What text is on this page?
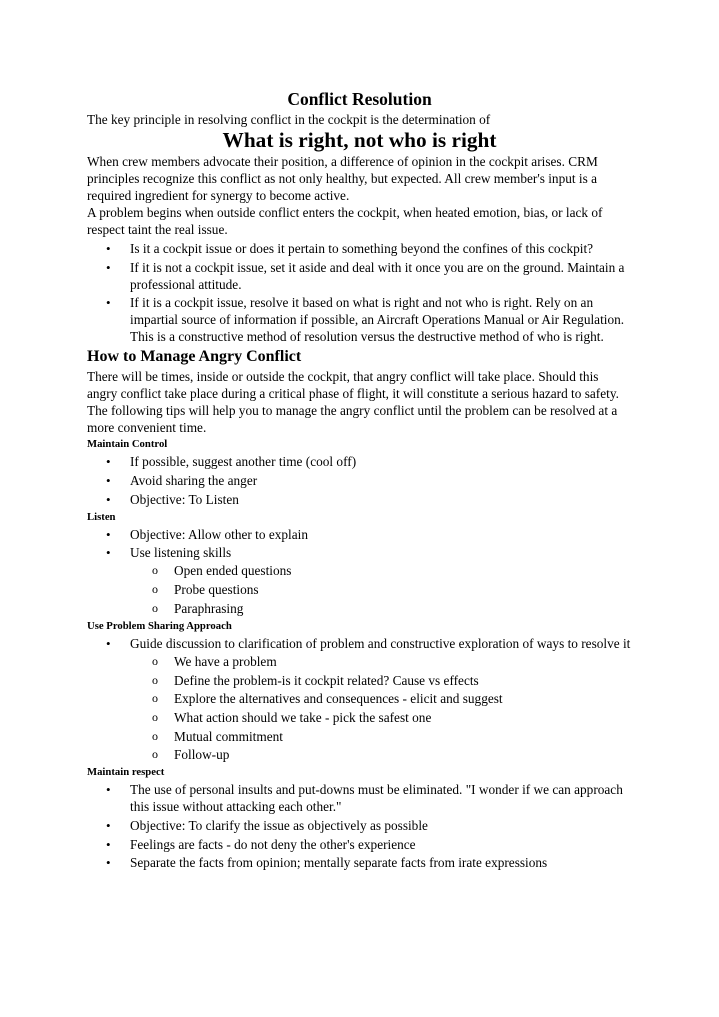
Conflict Resolution

The key principle in resolving conflict in the cockpit is the determination of

What is right, not who is right

When crew members advocate their position, a difference of opinion in the cockpit arises. CRM principles recognize this conflict as not only healthy, but expected. All crew member's input is a required ingredient for synergy to become active.

A problem begins when outside conflict enters the cockpit, when heated emotion, bias, or lack of respect taint the real issue.

• Is it a cockpit issue or does it pertain to something beyond the confines of this cockpit?
• If it is not a cockpit issue, set it aside and deal with it once you are on the ground. Maintain a professional attitude.
• If it is a cockpit issue, resolve it based on what is right and not who is right. Rely on an impartial source of information if possible, an Aircraft Operations Manual or Air Regulation. This is a constructive method of resolution versus the destructive method of who is right.
How to Manage Angry Conflict

There will be times, inside or outside the cockpit, that angry conflict will take place. Should this angry conflict take place during a critical phase of flight, it will constitute a serious hazard to safety. The following tips will help you to manage the angry conflict until the problem can be resolved at a more convenient time.

Maintain Control
• If possible, suggest another time (cool off)
• Avoid sharing the anger
• Objective: To Listen
Listen
• Objective: Allow other to explain
• Use listening skills
o Open ended questions
o Probe questions
o Paraphrasing
Use Problem Sharing Approach
• Guide discussion to clarification of problem and constructive exploration of ways to resolve it
o We have a problem
o Define the problem-is it cockpit related? Cause vs effects
o Explore the alternatives and consequences - elicit and suggest
o What action should we take - pick the safest one
o Mutual commitment
o Follow-up
Maintain respect
• The use of personal insults and put-downs must be eliminated. "I wonder if we can approach this issue without attacking each other."
• Objective: To clarify the issue as objectively as possible
• Feelings are facts - do not deny the other's experience
• Separate the facts from opinion; mentally separate facts from irate expressions
